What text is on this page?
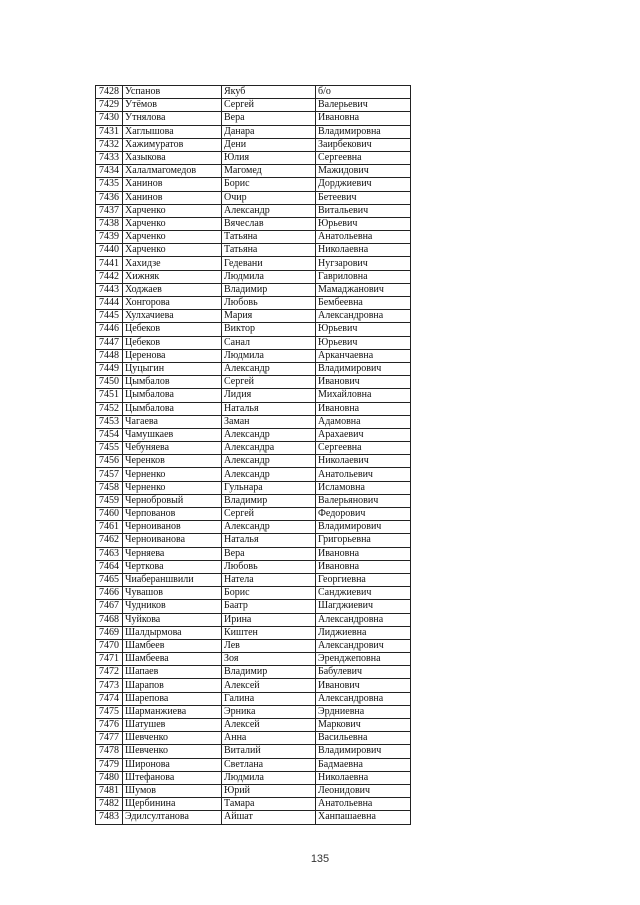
7428	Успанов	Якуб	б/о
7429	Утёмов	Сергей	Валерьевич
7430	Утнялова	Вера	Ивановна
7431	Хаглышова	Данара	Владимировна
7432	Хажимуратов	Дени	Заирбекович
7433	Хазыкова	Юлия	Сергеевна
7434	Халалмагомедов	Магомед	Мажидович
7435	Ханинов	Борис	Дорджиевич
7436	Ханинов	Очир	Бетеевич
7437	Харченко	Александр	Витальевич
7438	Харченко	Вячеслав	Юрьевич
7439	Харченко	Татьяна	Анатольевна
7440	Харченко	Татьяна	Николаевна
7441	Хахидзе	Гедевани	Нугзарович
7442	Хижняк	Людмила	Гавриловна
7443	Ходжаев	Владимир	Мамаджанович
7444	Хонгорова	Любовь	Бембеевна
7445	Хулхачиева	Мария	Александровна
7446	Цебеков	Виктор	Юрьевич
7447	Цебеков	Санал	Юрьевич
7448	Церенова	Людмила	Арканчаевна
7449	Цуцыгин	Александр	Владимирович
7450	Цымбалов	Сергей	Иванович
7451	Цымбалова	Лидия	Михайловна
7452	Цымбалова	Наталья	Ивановна
7453	Чагаева	Заман	Адамовна
7454	Чамушкаев	Александр	Арахаевич
7455	Чебуняева	Александра	Сергеевна
7456	Черенков	Александр	Николаевич
7457	Черненко	Александр	Анатольевич
7458	Черненко	Гульнара	Исламовна
7459	Чернобровый	Владимир	Валерьянович
7460	Черпованов	Сергей	Федорович
7461	Черноиванов	Александр	Владимирович
7462	Черноиванова	Наталья	Григорьевна
7463	Черняева	Вера	Ивановна
7464	Черткова	Любовь	Ивановна
7465	Чиабераншвили	Натела	Георгиевна
7466	Чувашов	Борис	Санджиевич
7467	Чудников	Баатр	Шагджиевич
7468	Чуйкова	Ирина	Александровна
7469	Шалдырмова	Киштен	Лиджиевна
7470	Шамбеев	Лев	Александрович
7471	Шамбеева	Зоя	Эренджеповна
7472	Шапаев	Владимир	Бабулевич
7473	Шарапов	Алексей	Иванович
7474	Шарепова	Галина	Александровна
7475	Шарманжиева	Эрника	Эрдниевна
7476	Шатушев	Алексей	Маркович
7477	Шевченко	Анна	Васильевна
7478	Шевченко	Виталий	Владимирович
7479	Широнова	Светлана	Бадмаевна
7480	Штефанова	Людмила	Николаевна
7481	Шумов	Юрий	Леонидович
7482	Щербинина	Тамара	Анатольевна
7483	Эдилсултанова	Айшат	Ханпашаевна
135
